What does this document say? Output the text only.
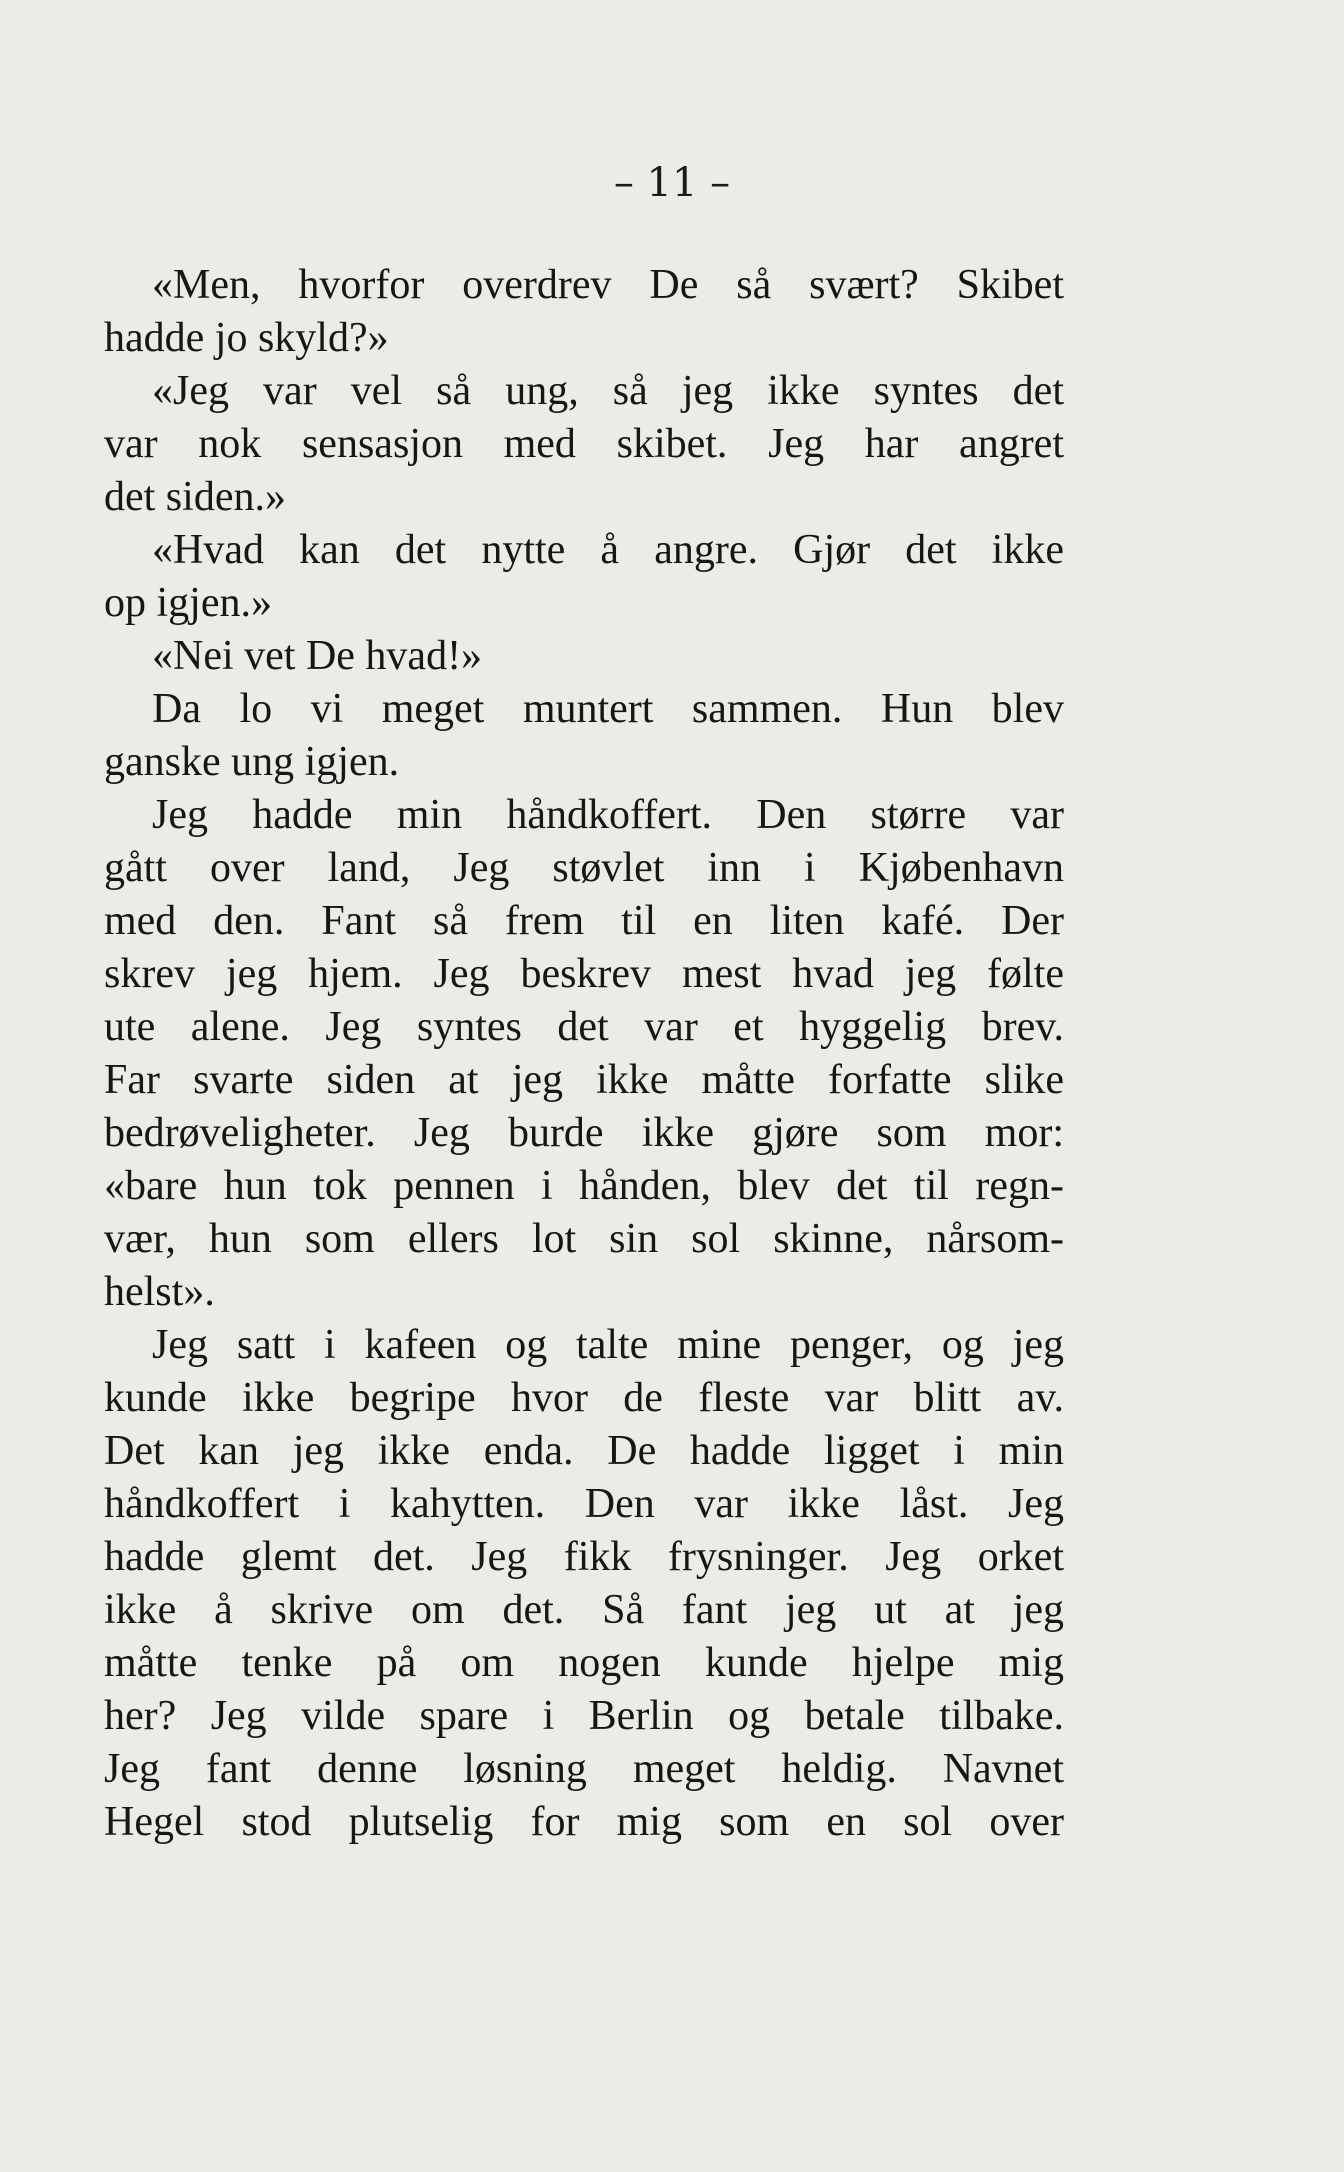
– 11 –
«Men, hvorfor overdrev De så svært? Skibet
hadde jo skyld?»
«Jeg var vel så ung, så jeg ikke syntes det
var nok sensasjon med skibet. Jeg har angret
det siden.»
«Hvad kan det nytte å angre. Gjør det ikke
op igjen.»
«Nei vet De hvad!»
Da lo vi meget muntert sammen. Hun blev
ganske ung igjen.
Jeg hadde min håndkoffert. Den større var
gått over land, Jeg støvlet inn i Kjøbenhavn
med den. Fant så frem til en liten kafé. Der
skrev jeg hjem. Jeg beskrev mest hvad jeg følte
ute alene. Jeg syntes det var et hyggelig brev.
Far svarte siden at jeg ikke måtte forfatte slike
bedrøveligheter. Jeg burde ikke gjøre som mor:
«bare hun tok pennen i hånden, blev det til regn-
vær, hun som ellers lot sin sol skinne, nårsom-
helst».
Jeg satt i kafeen og talte mine penger, og jeg
kunde ikke begripe hvor de fleste var blitt av.
Det kan jeg ikke enda. De hadde ligget i min
håndkoffert i kahytten. Den var ikke låst. Jeg
hadde glemt det. Jeg fikk frysninger. Jeg orket
ikke å skrive om det. Så fant jeg ut at jeg
måtte tenke på om nogen kunde hjelpe mig
her? Jeg vilde spare i Berlin og betale tilbake.
Jeg fant denne løsning meget heldig. Navnet
Hegel stod plutselig for mig som en sol over
